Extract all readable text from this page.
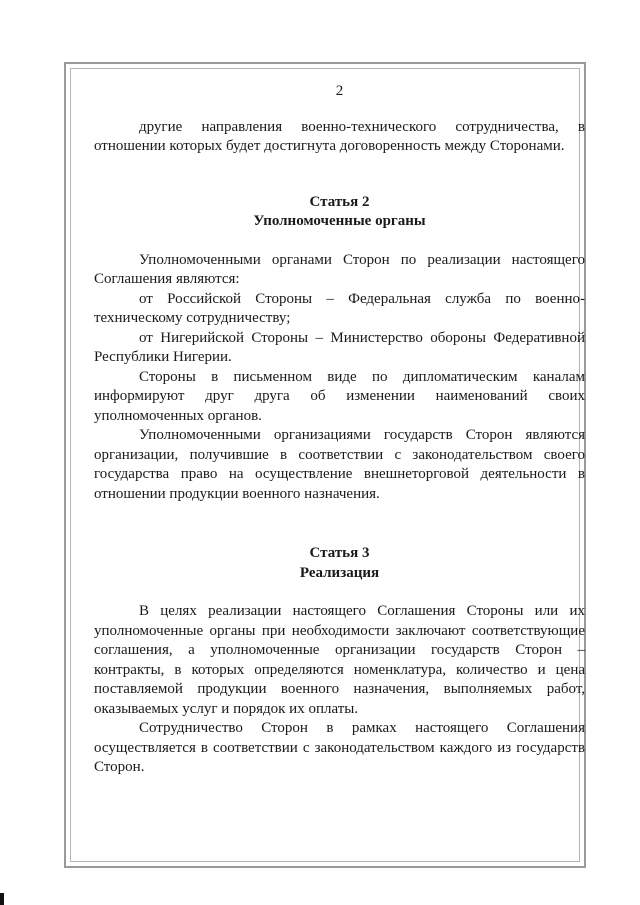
2

другие направления военно-технического сотрудничества, в отношении которых будет достигнута договоренность между Сторонами.

Статья 2

Уполномоченные органы

Уполномоченными органами Сторон по реализации настоящего Соглашения являются:

от Российской Стороны – Федеральная служба по военно-техническому сотрудничеству;

от Нигерийской Стороны – Министерство обороны Федеративной Республики Нигерии.

Стороны в письменном виде по дипломатическим каналам информируют друг друга об изменении наименований своих уполномоченных органов.

Уполномоченными организациями государств Сторон являются организации, получившие в соответствии с законодательством своего государства право на осуществление внешнеторговой деятельности в отношении продукции военного назначения.

Статья 3

Реализация

В целях реализации настоящего Соглашения Стороны или их уполномоченные органы при необходимости заключают соответствующие соглашения, а уполномоченные организации государств Сторон – контракты, в которых определяются номенклатура, количество и цена поставляемой продукции военного назначения, выполняемых работ, оказываемых услуг и порядок их оплаты.

Сотрудничество Сторон в рамках настоящего Соглашения осуществляется в соответствии с законодательством каждого из государств Сторон.
